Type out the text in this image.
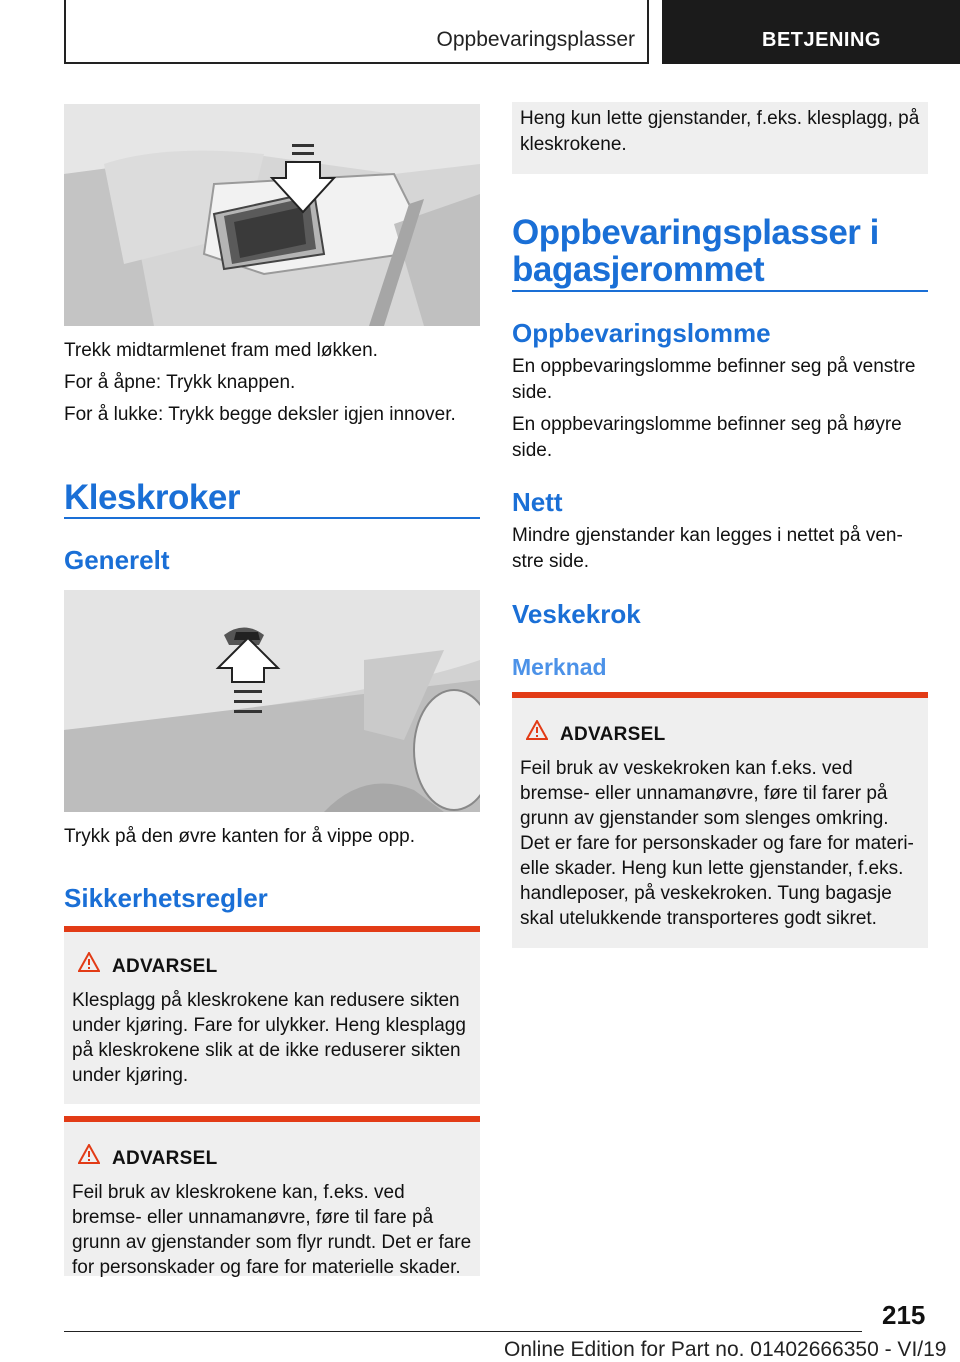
Oppbevaringsplasser	BETJENING

Trekk midtarmlenet fram med løkken.

For å åpne: Trykk knappen.

For å lukke: Trykk begge deksler igjen innover.

Kleskroker
Generelt

Trykk på den øvre kanten for å vippe opp.

Sikkerhetsregler
ADVARSEL

Klesplagg på kleskrokene kan redusere sikten under kjøring. Fare for ulykker. Heng klesplagg på kleskrokene slik at de ikke reduserer sikten under kjøring.

ADVARSEL

Feil bruk av kleskrokene kan, f.eks. ved bremse- eller unnamanøvre, føre til fare på grunn av gjenstander som flyr rundt. Det er fare for personskader og fare for materielle skader.

Heng kun lette gjenstander, f.eks. klesplagg, på kleskrokene.

Oppbevaringsplasser i bagasjerommet
Oppbevaringslomme

En oppbevaringslomme befinner seg på venstre side.

En oppbevaringslomme befinner seg på høyre side.

Nett

Mindre gjenstander kan legges i nettet på ven‐ stre side.

Veskekrok
Merknad
ADVARSEL

Feil bruk av veskekroken kan f.eks. ved bremse- eller unnamanøvre, føre til farer på grunn av gjenstander som slenges omkring. Det er fare for personskader og fare for materi‐ elle skader. Heng kun lette gjenstander, f.eks. handleposer, på veskekroken. Tung bagasje skal utelukkende transporteres godt sikret.

215
Online Edition for Part no. 01402666350 - VI/19
